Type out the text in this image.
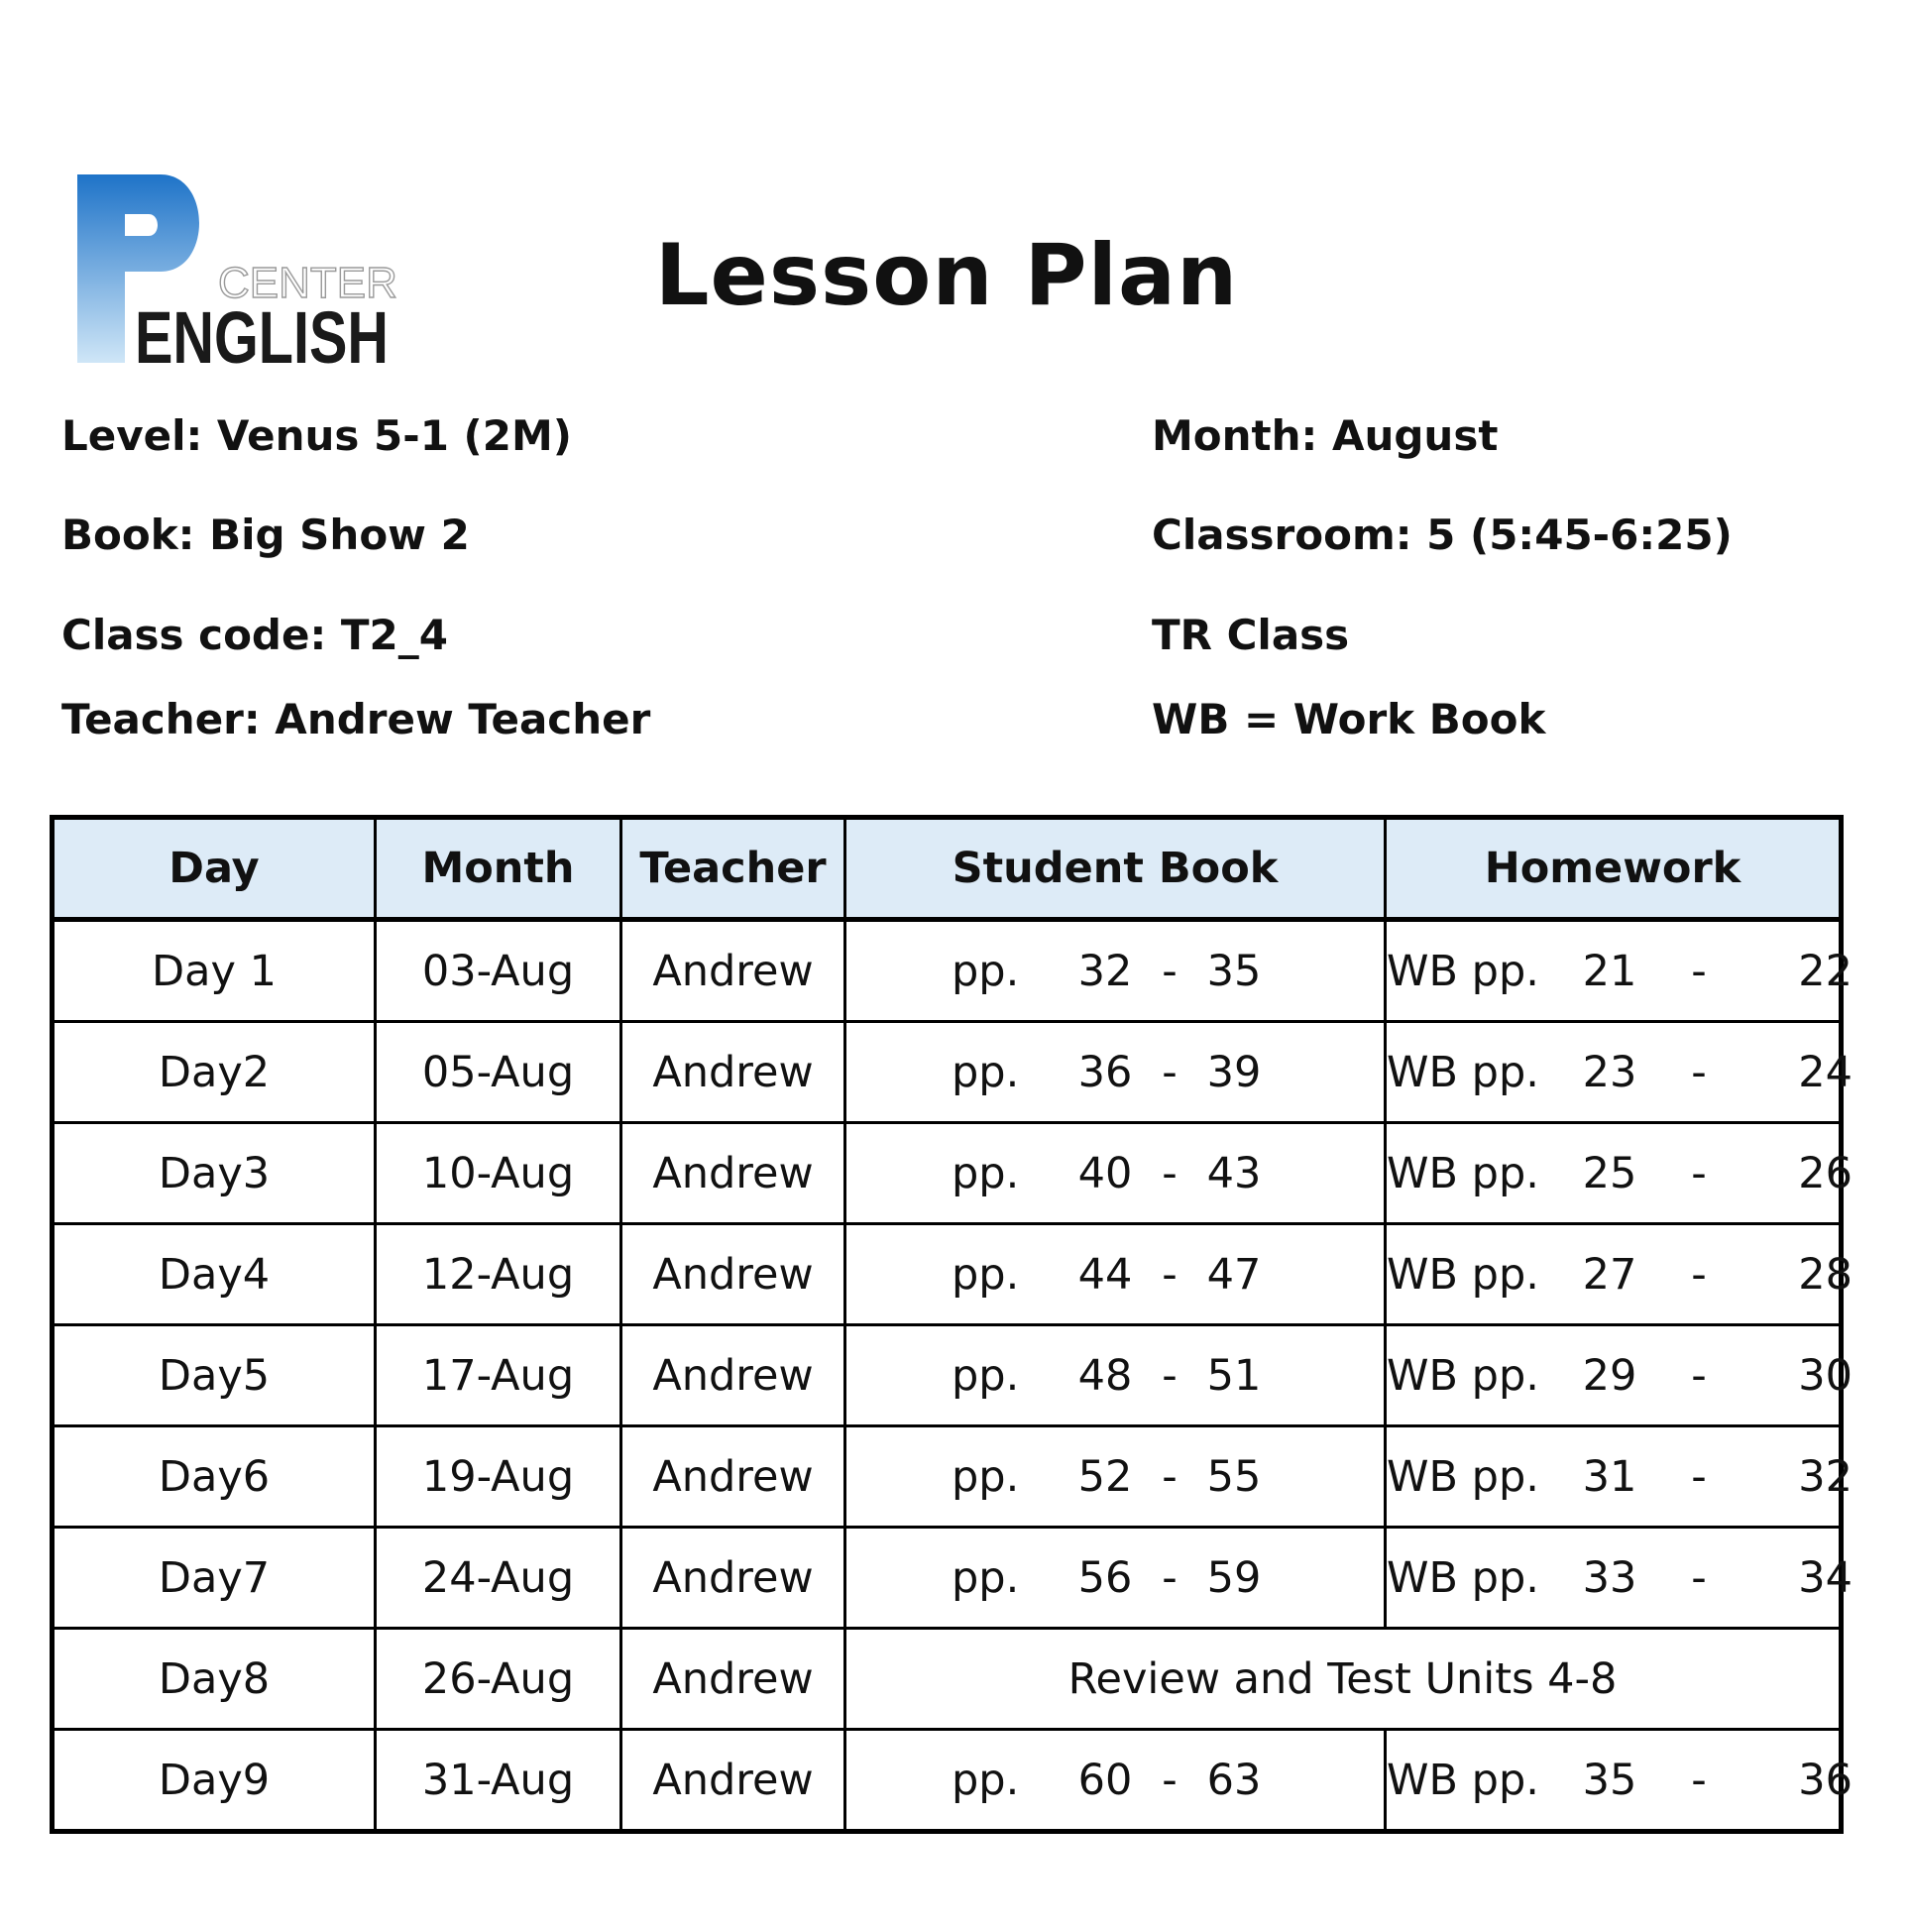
CENTER
ENGLISH
Lesson Plan
Level: Venus 5-1 (2M)
Book: Big Show 2
Class code: T2_4
Teacher: Andrew Teacher
Month: August
Classroom: 5 (5:45-6:25)
TR Class
WB = Work Book
Day	Month	Teacher	Student Book	Homework
Day 1	03-Aug	Andrew	pp. 32 - 35	WB pp. 21 - 22
Day2	05-Aug	Andrew	pp. 36 - 39	WB pp. 23 - 24
Day3	10-Aug	Andrew	pp. 40 - 43	WB pp. 25 - 26
Day4	12-Aug	Andrew	pp. 44 - 47	WB pp. 27 - 28
Day5	17-Aug	Andrew	pp. 48 - 51	WB pp. 29 - 30
Day6	19-Aug	Andrew	pp. 52 - 55	WB pp. 31 - 32
Day7	24-Aug	Andrew	pp. 56 - 59	WB pp. 33 - 34
Day8	26-Aug	Andrew	Review and Test Units 4-8	
Day9	31-Aug	Andrew	pp. 60 - 63	WB pp. 35 - 36
